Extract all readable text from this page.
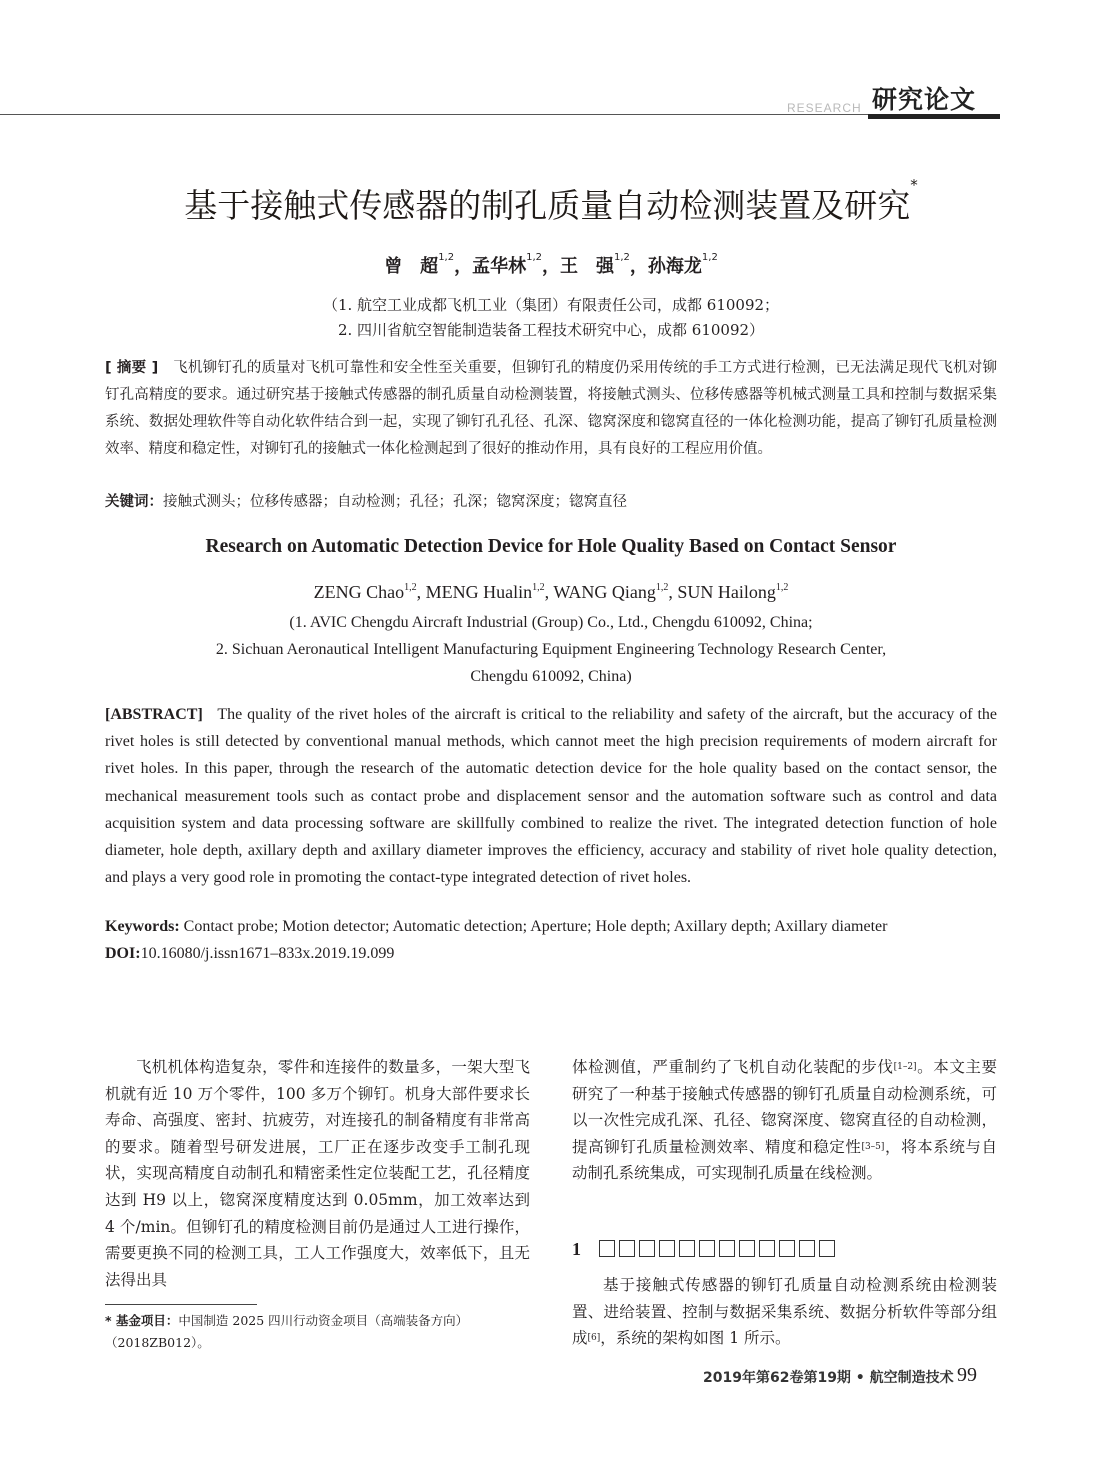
RESEARCH 研究论文
基于接触式传感器的制孔质量自动检测装置及研究*
曾　超$^{1,2}$，孟华林$^{1,2}$，王　强$^{1,2}$，孙海龙$^{1,2}$
（1. 航空工业成都飞机工业（集团）有限责任公司，成都 610092；
2. 四川省航空智能制造装备工程技术研究中心，成都 610092）
[ 摘要 ]　 飞机铆钉孔的质量对飞机可靠性和安全性至关重要，但铆钉孔的精度仍采用传统的手工方式进行检测，已无法满足现代飞机对铆钉孔高精度的要求。通过研究基于接触式传感器的制孔质量自动检测装置，将接触式测头、位移传感器等机械式测量工具和控制与数据采集系统、数据处理软件等自动化软件结合到一起，实现了铆钉孔孔径、孔深、锪窝深度和锪窝直径的一体化检测功能，提高了铆钉孔质量检测效率、精度和稳定性，对铆钉孔的接触式一体化检测起到了很好的推动作用，具有良好的工程应用价值。
关键词：接触式测头；位移传感器；自动检测；孔径；孔深；锪窝深度；锪窝直径
Research on Automatic Detection Device for Hole Quality Based on Contact Sensor
ZENG Chao$^{1,2}$, MENG Hualin$^{1,2}$, WANG Qiang$^{1,2}$, SUN Hailong$^{1,2}$
(1. AVIC Chengdu Aircraft Industrial (Group) Co., Ltd., Chengdu 610092, China;
2. Sichuan Aeronautical Intelligent Manufacturing Equipment Engineering Technology Research Center,
Chengdu 610092, China)
[ABSTRACT] The quality of the rivet holes of the aircraft is critical to the reliability and safety of the aircraft, but the accuracy of the rivet holes is still detected by conventional manual methods, which cannot meet the high precision requirements of modern aircraft for rivet holes. In this paper, through the research of the automatic detection device for the hole quality based on the contact sensor, the mechanical measurement tools such as contact probe and displacement sensor and the automation software such as control and data acquisition system and data processing software are skillfully combined to realize the rivet. The integrated detection function of hole diameter, hole depth, axillary depth and axillary diameter improves the efficiency, accuracy and stability of rivet hole quality detection, and plays a very good role in promoting the contact-type integrated detection of rivet holes.
Keywords: Contact probe; Motion detector; Automatic detection; Aperture; Hole depth; Axillary depth; Axillary diameter
DOI:10.16080/j.issn1671–833x.2019.19.099

飞机机体构造复杂，零件和连接件的数量多，一架大型飞机就有近 10 万个零件，100 多万个铆钉。机身大部件要求长寿命、高强度、密封、抗疲劳，对连接孔的制备精度有非常高的要求。随着型号研发进展，工厂正在逐步改变手工制孔现状，实现高精度自动制孔和精密柔性定位装配工艺，孔径精度达到 H9 以上，锪窝深度精度达到 0.05mm，加工效率达到 4 个/min。但铆钉孔的精度检测目前仍是通过人工进行操作，需要更换不同的检测工具，工人工作强度大，效率低下，且无法得出具

* 基金项目：中国制造 2025 四川行动资金项目（高端装备方向）（2018ZB012）。

体检测值，严重制约了飞机自动化装配的步伐[1–2]。本文主要研究了一种基于接触式传感器的铆钉孔质量自动检测系统，可以一次性完成孔深、孔径、锪窝深度、锪窝直径的自动检测，提高铆钉孔质量检测效率、精度和稳定性[3–5]，将本系统与自动制孔系统集成，可实现制孔质量在线检测。

1

基于接触式传感器的铆钉孔质量自动检测系统由检测装置、进给装置、控制与数据采集系统、数据分析软件等部分组成[6]，系统的架构如图 1 所示。

2019年第62卷第19期 • 航空制造技术 99
